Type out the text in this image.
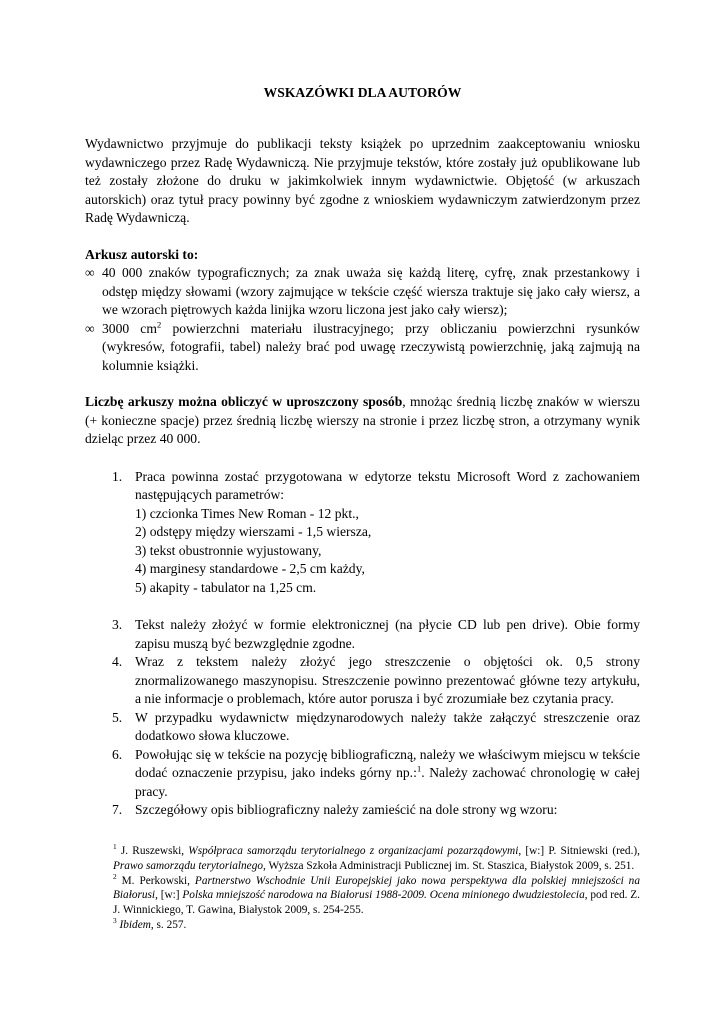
WSKAZÓWKI DLA AUTORÓW

Wydawnictwo przyjmuje do publikacji teksty książek po uprzednim zaakceptowaniu wniosku wydawniczego przez Radę Wydawniczą. Nie przyjmuje tekstów, które zostały już opublikowane lub też zostały złożone do druku w jakimkolwiek innym wydawnictwie. Objętość (w arkuszach autorskich) oraz tytuł pracy powinny być zgodne z wnioskiem wydawniczym zatwierdzonym przez Radę Wydawniczą.

Arkusz autorski to:

∞ 40 000 znaków typograficznych; za znak uważa się każdą literę, cyfrę, znak przestankowy i odstęp między słowami (wzory zajmujące w tekście część wiersza traktuje się jako cały wiersz, a we wzorach piętrowych każda linijka wzoru liczona jest jako cały wiersz);
∞ 3000 $cm^2$ powierzchni materiału ilustracyjnego; przy obliczaniu powierzchni rysunków (wykresów, fotografii, tabel) należy brać pod uwagę rzeczywistą powierzchnię, jaką zajmują na kolumnie książki.

Liczbę arkuszy można obliczyć w uproszczony sposób, mnożąc średnią liczbę znaków w wierszu (+ konieczne spacje) przez średnią liczbę wierszy na stronie i przez liczbę stron, a otrzymany wynik dzieląc przez 40 000.

1. Praca powinna zostać przygotowana w edytorze tekstu Microsoft Word z zachowaniem następujących parametrów:
1) czcionka Times New Roman - 12 pkt.,
2) odstępy między wierszami - 1,5 wiersza,
3) tekst obustronnie wyjustowany,
4) marginesy standardowe - 2,5 cm każdy,
5) akapity - tabulator na 1,25 cm.
3. Tekst należy złożyć w formie elektronicznej (na płycie CD lub pen drive). Obie formy zapisu muszą być bezwzględnie zgodne.
4. Wraz z tekstem należy złożyć jego streszczenie o objętości ok. 0,5 strony znormalizowanego maszynopisu. Streszczenie powinno prezentować główne tezy artykułu, a nie informacje o problemach, które autor porusza i być zrozumiałe bez czytania pracy.
5. W przypadku wydawnictw międzynarodowych należy także załączyć streszczenie oraz dodatkowo słowa kluczowe.
6. Powołując się w tekście na pozycję bibliograficzną, należy we właściwym miejscu w tekście dodać oznaczenie przypisu, jako indeks górny np.:$^1$. Należy zachować chronologię w całej pracy.
7. Szczegółowy opis bibliograficzny należy zamieścić na dole strony wg wzoru:

$^1$ J. Ruszewski, Współpraca samorządu terytorialnego z organizacjami pozarządowymi, [w:] P. Sitniewski (red.), Prawo samorządu terytorialnego, Wyższa Szkoła Administracji Publicznej im. St. Staszica, Białystok 2009, s. 251.

$^2$ M. Perkowski, Partnerstwo Wschodnie Unii Europejskiej jako nowa perspektywa dla polskiej mniejszości na Białorusi, [w:] Polska mniejszość narodowa na Białorusi 1988-2009. Ocena minionego dwudziestolecia, pod red. Z. J. Winnickiego, T. Gawina, Białystok 2009, s. 254-255.

$^3$ Ibidem, s. 257.
